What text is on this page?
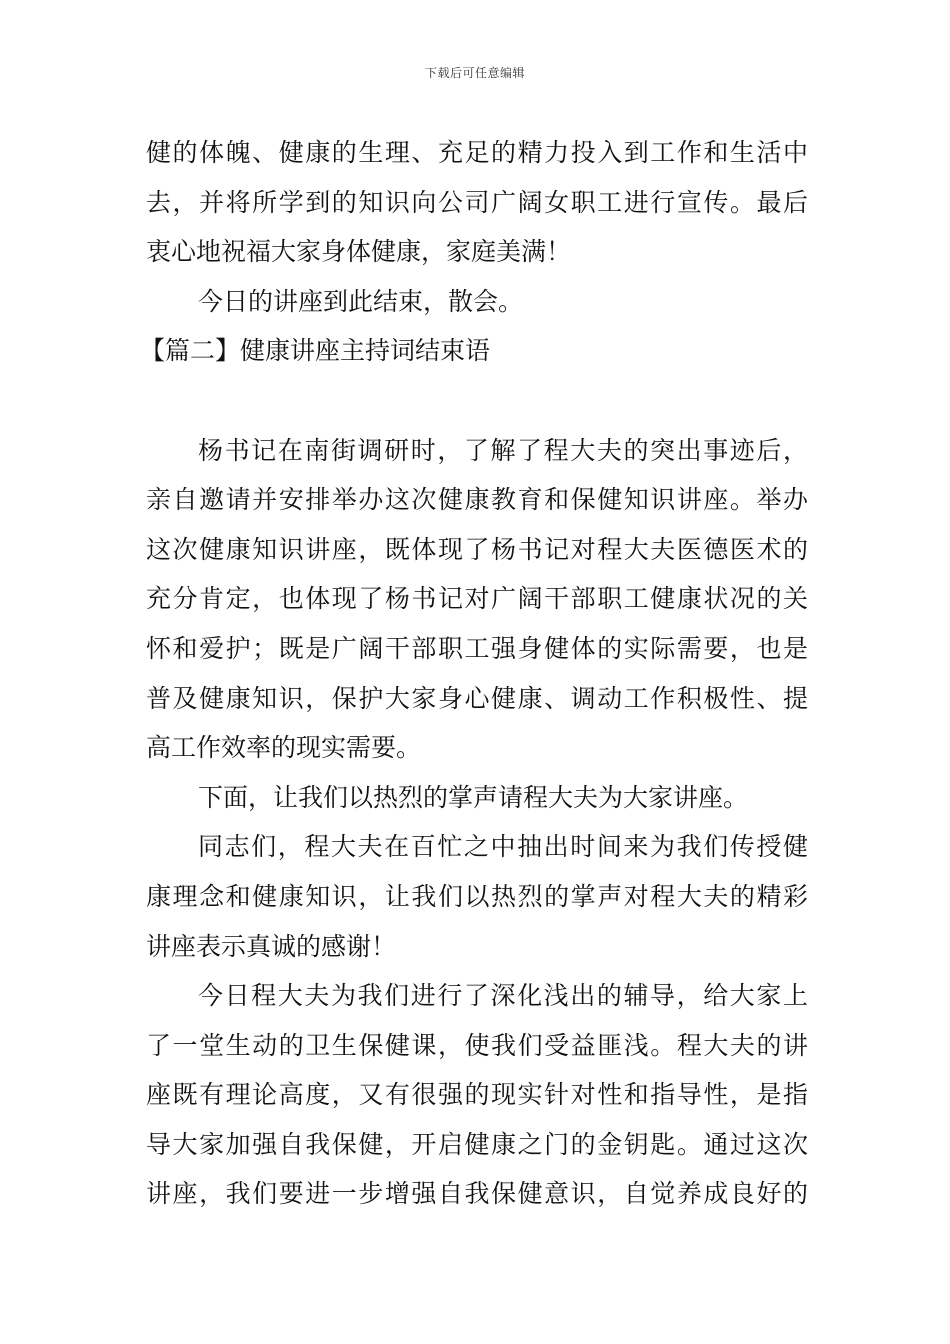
下载后可任意编辑
健的体魄、健康的生理、充足的精力投入到工作和生活中
去，并将所学到的知识向公司广阔女职工进行宣传。最后
衷心地祝福大家身体健康，家庭美满！
今日的讲座到此结束，散会。
【篇二】健康讲座主持词结束语
杨书记在南街调研时，了解了程大夫的突出事迹后，
亲自邀请并安排举办这次健康教育和保健知识讲座。举办
这次健康知识讲座，既体现了杨书记对程大夫医德医术的
充分肯定，也体现了杨书记对广阔干部职工健康状况的关
怀和爱护；既是广阔干部职工强身健体的实际需要，也是
普及健康知识，保护大家身心健康、调动工作积极性、提
高工作效率的现实需要。
下面，让我们以热烈的掌声请程大夫为大家讲座。
同志们，程大夫在百忙之中抽出时间来为我们传授健
康理念和健康知识，让我们以热烈的掌声对程大夫的精彩
讲座表示真诚的感谢！
今日程大夫为我们进行了深化浅出的辅导，给大家上
了一堂生动的卫生保健课，使我们受益匪浅。程大夫的讲
座既有理论高度，又有很强的现实针对性和指导性，是指
导大家加强自我保健，开启健康之门的金钥匙。通过这次
讲座，我们要进一步增强自我保健意识，自觉养成良好的
